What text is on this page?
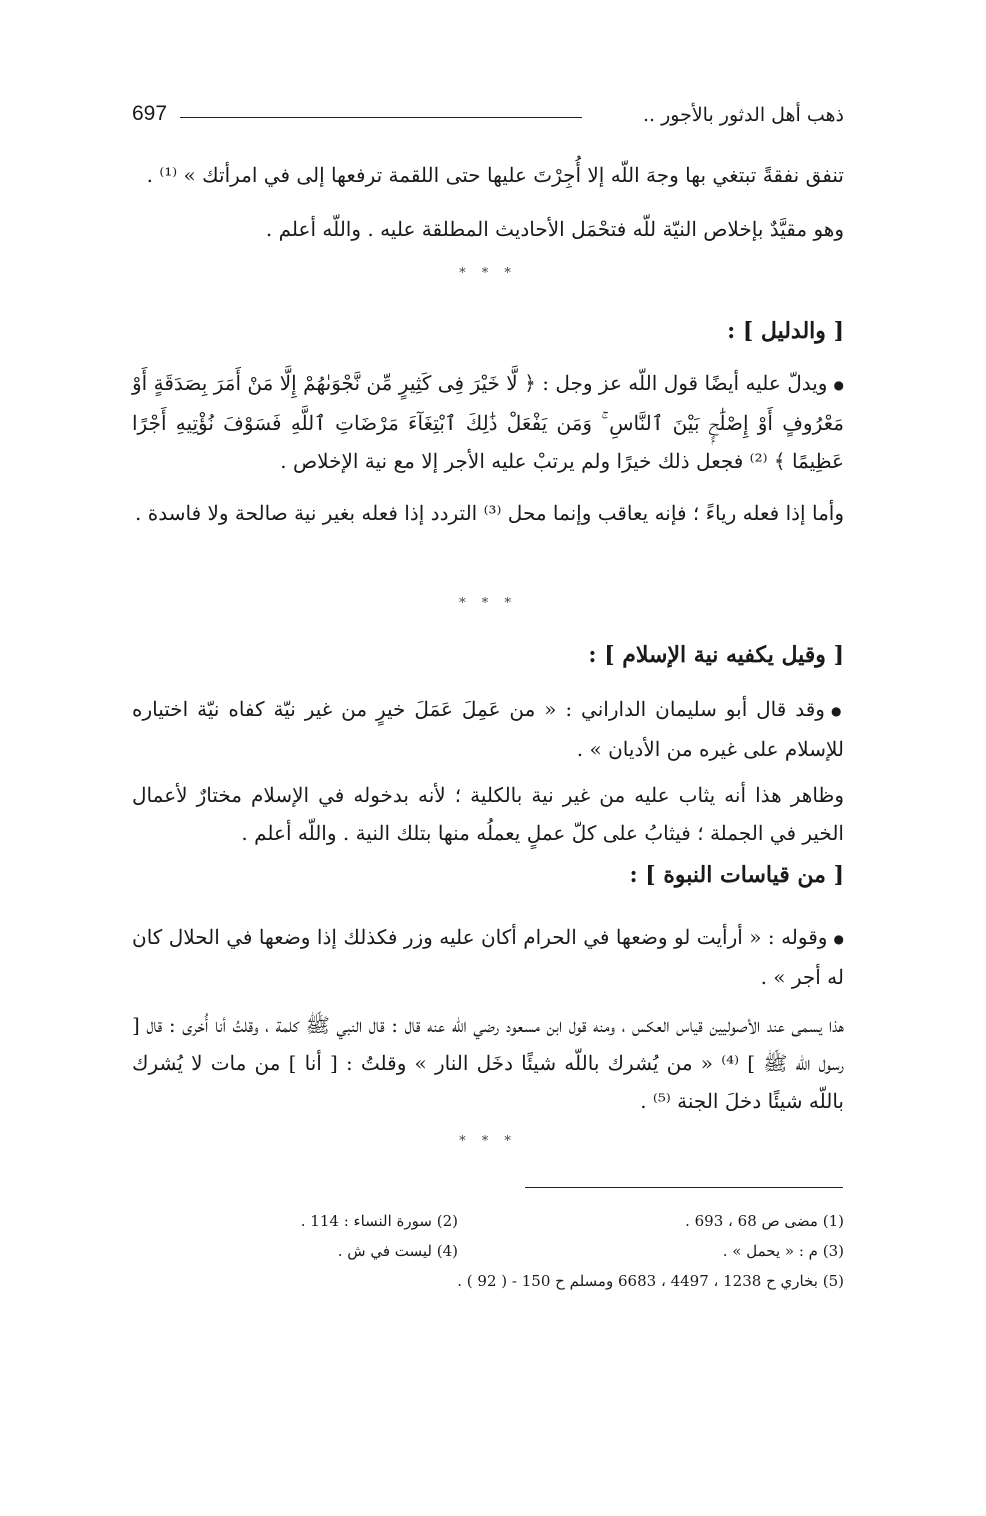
ذهب أهل الدثور بالأجور ..
697

تنفق نفقةً تبتغي بها وجهَ اللّه إلا أُجِرْتَ عليها حتى اللقمة ترفعها إلى في امرأتك » ⁽¹⁾ .

وهو مقيَّدٌ بإخلاص النيّة للّه فتحْمَل الأحاديث المطلقة عليه . واللّه أعلم .

* * *
[ والدليل ] :

● ويدلّ عليه أيضًا قول اللّه عز وجل : ﴿ لَّا خَيْرَ فِى كَثِيرٍ مِّن نَّجْوَىٰهُمْ إِلَّا مَنْ أَمَرَ بِصَدَقَةٍ أَوْ مَعْرُوفٍ أَوْ إِصْلَٰحٍۭ بَيْنَ ٱلنَّاسِ ۚ وَمَن يَفْعَلْ ذَٰلِكَ ٱبْتِغَآءَ مَرْضَاتِ ٱللَّهِ فَسَوْفَ نُؤْتِيهِ أَجْرًا عَظِيمًا ﴾ ⁽²⁾ فجعل ذلك خيرًا ولم يرتبْ عليه الأجر إلا مع نية الإخلاص .

وأما إذا فعله رياءً ؛ فإنه يعاقب وإنما محل ⁽³⁾ التردد إذا فعله بغير نية صالحة ولا فاسدة .

* * *
[ وقيل يكفيه نية الإسلام ] :

● وقد قال أبو سليمان الداراني : « من عَمِلَ عَمَلَ خيرٍ من غير نيّة كفاه نيّة اختياره للإسلام على غيره من الأديان » .

وظاهر هذا أنه يثاب عليه من غير نية بالكلية ؛ لأنه بدخوله في الإسلام مختارٌ لأعمال الخير في الجملة ؛ فيثابُ على كلّ عملٍ يعملُه منها بتلك النية . واللّه أعلم .

[ من قياسات النبوة ] :

● وقوله : « أرأيت لو وضعها في الحرام أكان عليه وزر فكذلك إذا وضعها في الحلال كان له أجر » .

هذا يسمى عند الأصوليين قياس العكس ، ومنه قول ابن مسعود رضي اللّه عنه قال : قال النبي ﷺ كلمة ، وقلتُ أنا أُخرى : قال [ رسول اللّه ﷺ ] ⁽⁴⁾ « من يُشرك باللّه شيئًا دخَل النار » وقلتُ : [ أنا ] من مات لا يُشرك باللّه شيئًا دخلَ الجنة ⁽⁵⁾ .

* * *
(1) مضى ص 68 ، 693 .
(2) سورة النساء : 114 .
(3) م : « يحمل » .
(4) ليست في ش .
(5) بخاري ح 1238 ، 4497 ، 6683 ومسلم ح 150 - ( 92 ) .
